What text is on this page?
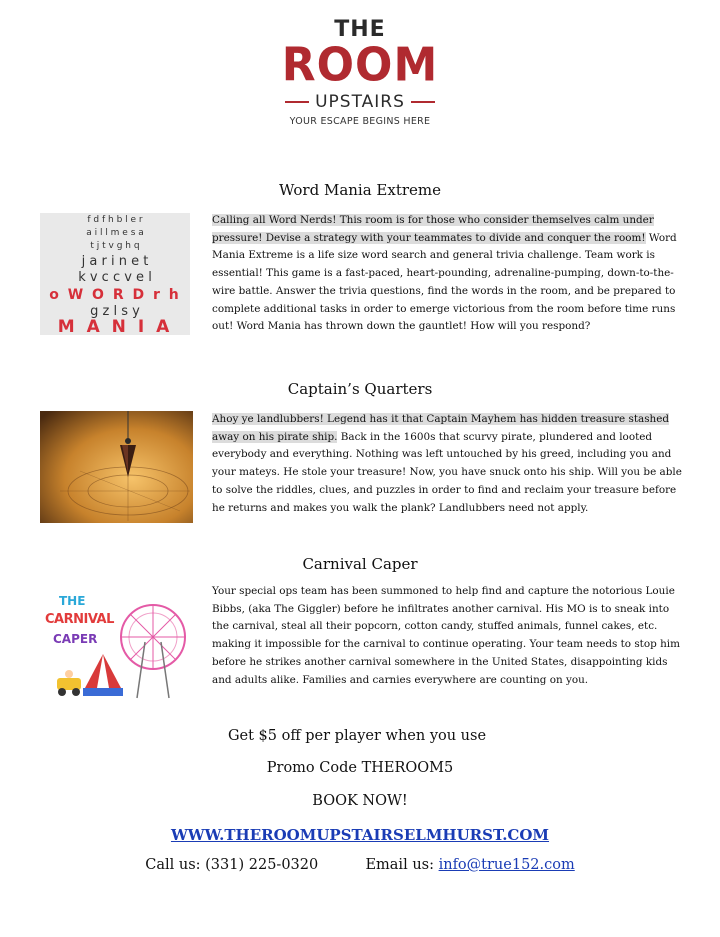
THE
ROOM
UPSTAIRS
YOUR ESCAPE BEGINS HERE
Word Mania Extreme
f d f h b l e r
a i l l m e s a
t j t v g h q
j a r i n e t
k v c c v e l
o W O R D r h
g z l s y
M A N I A
Calling all Word Nerds! This room is for those who consider themselves calm under pressure! Devise a strategy with your teammates to divide and conquer the room! Word Mania Extreme is a life size word search and general trivia challenge. Team work is essential! This game is a fast-paced, heart-pounding, adrenaline-pumping, down-to-the-wire battle. Answer the trivia questions, find the words in the room, and be prepared to complete additional tasks in order to emerge victorious from the room before time runs out! Word Mania has thrown down the gauntlet! How will you respond?
Captain’s Quarters
Ahoy ye landlubbers! Legend has it that Captain Mayhem has hidden treasure stashed away on his pirate ship. Back in the 1600s that scurvy pirate, plundered and looted everybody and everything. Nothing was left untouched by his greed, including you and your mateys. He stole your treasure! Now, you have snuck onto his ship. Will you be able to solve the riddles, clues, and puzzles in order to find and reclaim your treasure before he returns and makes you walk the plank? Landlubbers need not apply.
Carnival Caper
THE
CARNIVAL
CAPER
Your special ops team has been summoned to help find and capture the notorious Louie Bibbs, (aka The Giggler) before he infiltrates another carnival. His MO is to sneak into the carnival, steal all their popcorn, cotton candy, stuffed animals, funnel cakes, etc. making it impossible for the carnival to continue operating. Your team needs to stop him before he strikes another carnival somewhere in the United States, disappointing kids and adults alike. Families and carnies everywhere are counting on you.
Get $5 off per player when you use
Promo Code THEROOM5
BOOK NOW!
WWW.THEROOMUPSTAIRSELMHURST.COM
Call us: (331) 225-0320	Email us: info@true152.com
